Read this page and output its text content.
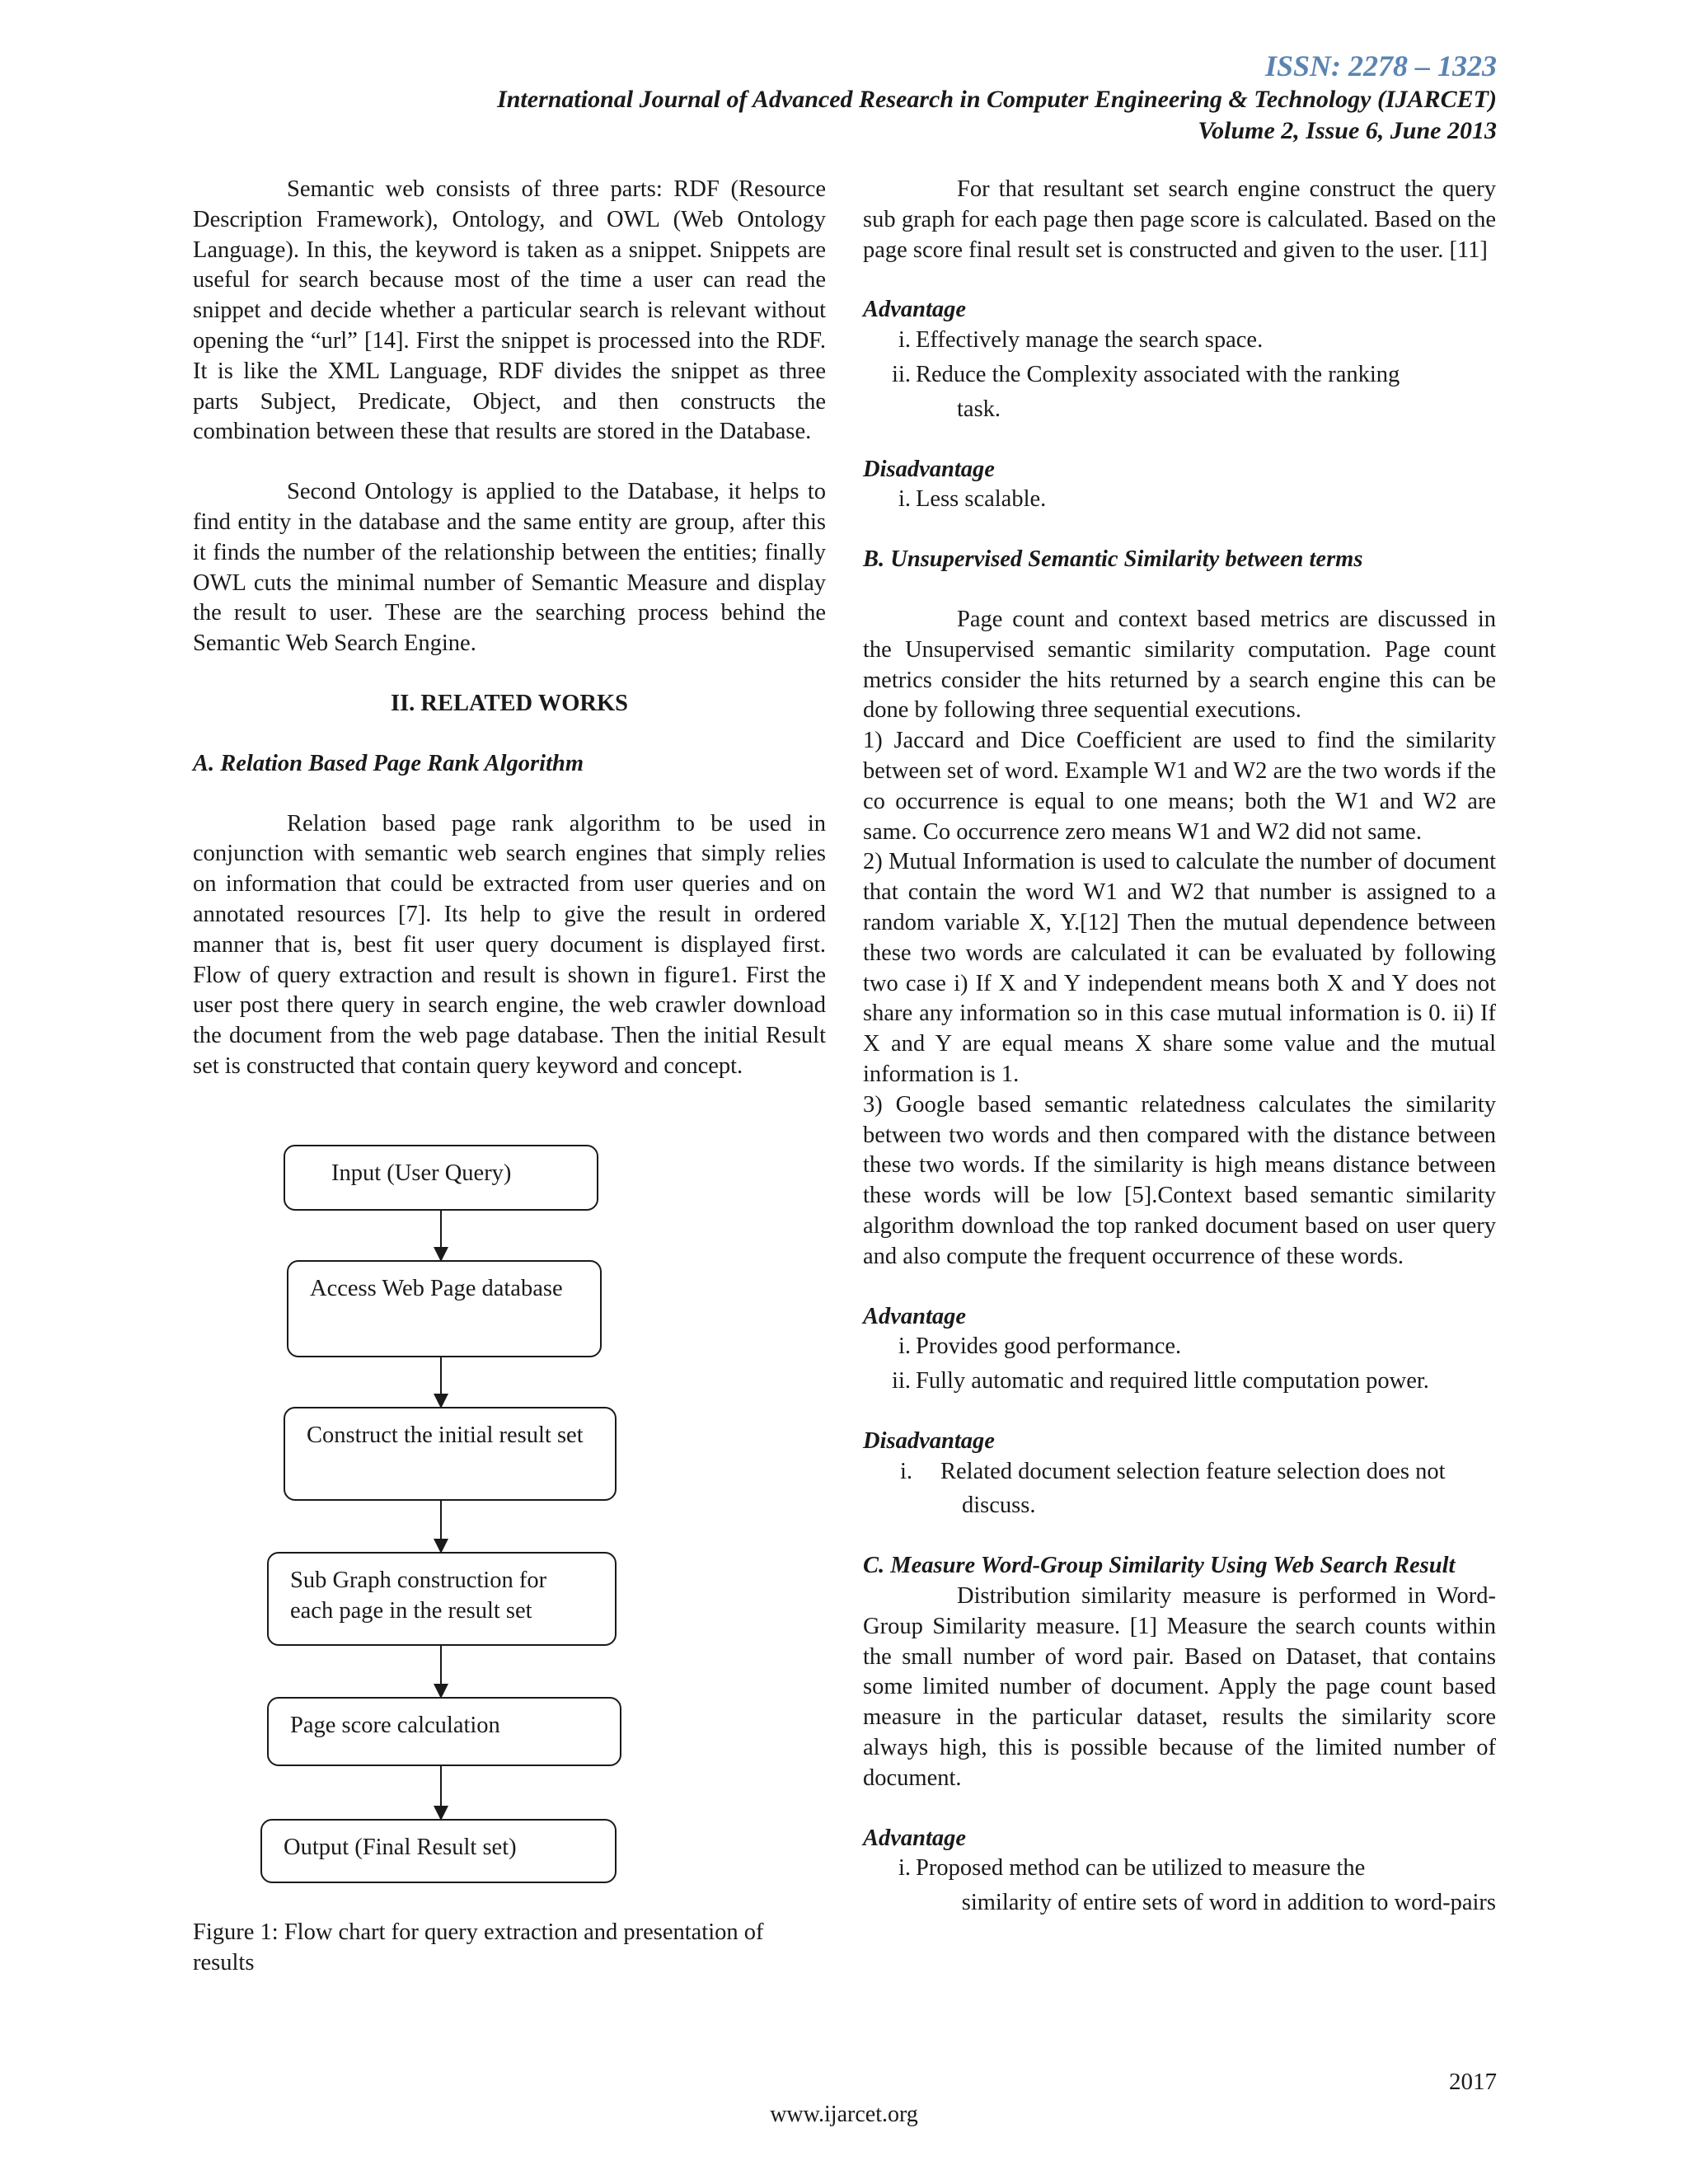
ISSN: 2278 – 1323
International Journal of Advanced Research in Computer Engineering & Technology (IJARCET)
Volume 2, Issue 6, June 2013

Semantic web consists of three parts: RDF (Resource Description Framework), Ontology, and OWL (Web Ontology Language). In this, the keyword is taken as a snippet. Snippets are useful for search because most of the time a user can read the snippet and decide whether a particular search is relevant without opening the “url” [14]. First the snippet is processed into the RDF. It is like the XML Language, RDF divides the snippet as three parts Subject, Predicate, Object, and then constructs the combination between these that results are stored in the Database.

Second Ontology is applied to the Database, it helps to find entity in the database and the same entity are group, after this it finds the number of the relationship between the entities; finally OWL cuts the minimal number of Semantic Measure and display the result to user. These are the searching process behind the Semantic Web Search Engine.

II. RELATED WORKS
A. Relation Based Page Rank Algorithm

Relation based page rank algorithm to be used in conjunction with semantic web search engines that simply relies on information that could be extracted from user queries and on annotated resources [7]. Its help to give the result in ordered manner that is, best fit user query document is displayed first. Flow of query extraction and result is shown in figure1. First the user post there query in search engine, the web crawler download the document from the web page database. Then the initial Result set is constructed that contain query keyword and concept.

Input (User Query)
Access Web Page database
Construct the initial result set
Sub Graph construction for each page in the result set
Page score calculation
Output (Final Result set)

Figure 1: Flow chart for query extraction and presentation of results

For that resultant set search engine construct the query sub graph for each page then page score is calculated. Based on the page score final result set is constructed and given to the user. [11]

Advantage
i. Effectively manage the search space.
ii. Reduce the Complexity associated with the ranking
task.
Disadvantage
i. Less scalable.
B. Unsupervised Semantic Similarity between terms

Page count and context based metrics are discussed in the Unsupervised semantic similarity computation. Page count metrics consider the hits returned by a search engine this can be done by following three sequential executions.

1) Jaccard and Dice Coefficient are used to find the similarity between set of word. Example W1 and W2 are the two words if the co occurrence is equal to one means; both the W1 and W2 are same. Co occurrence zero means W1 and W2 did not same.

2) Mutual Information is used to calculate the number of document that contain the word W1 and W2 that number is assigned to a random variable X, Y.[12] Then the mutual dependence between these two words are calculated it can be evaluated by following two case i) If X and Y independent means both X and Y does not share any information so in this case mutual information is 0. ii) If X and Y are equal means X share some value and the mutual information is 1.

3) Google based semantic relatedness calculates the similarity between two words and then compared with the distance between these two words. If the similarity is high means distance between these words will be low [5].Context based semantic similarity algorithm download the top ranked document based on user query and also compute the frequent occurrence of these words.

Advantage
i. Provides good performance.
ii. Fully automatic and required little computation power.
Disadvantage
i. Related document selection feature selection does not
discuss.
C. Measure Word-Group Similarity Using Web Search Result

Distribution similarity measure is performed in Word-Group Similarity measure. [1] Measure the search counts within the small number of word pair. Based on Dataset, that contains some limited number of document. Apply the page count based measure in the particular dataset, results the similarity score always high, this is possible because of the limited number of document.

Advantage
i. Proposed method can be utilized to measure the
similarity of entire sets of word in addition to word-pairs
2017
www.ijarcet.org
